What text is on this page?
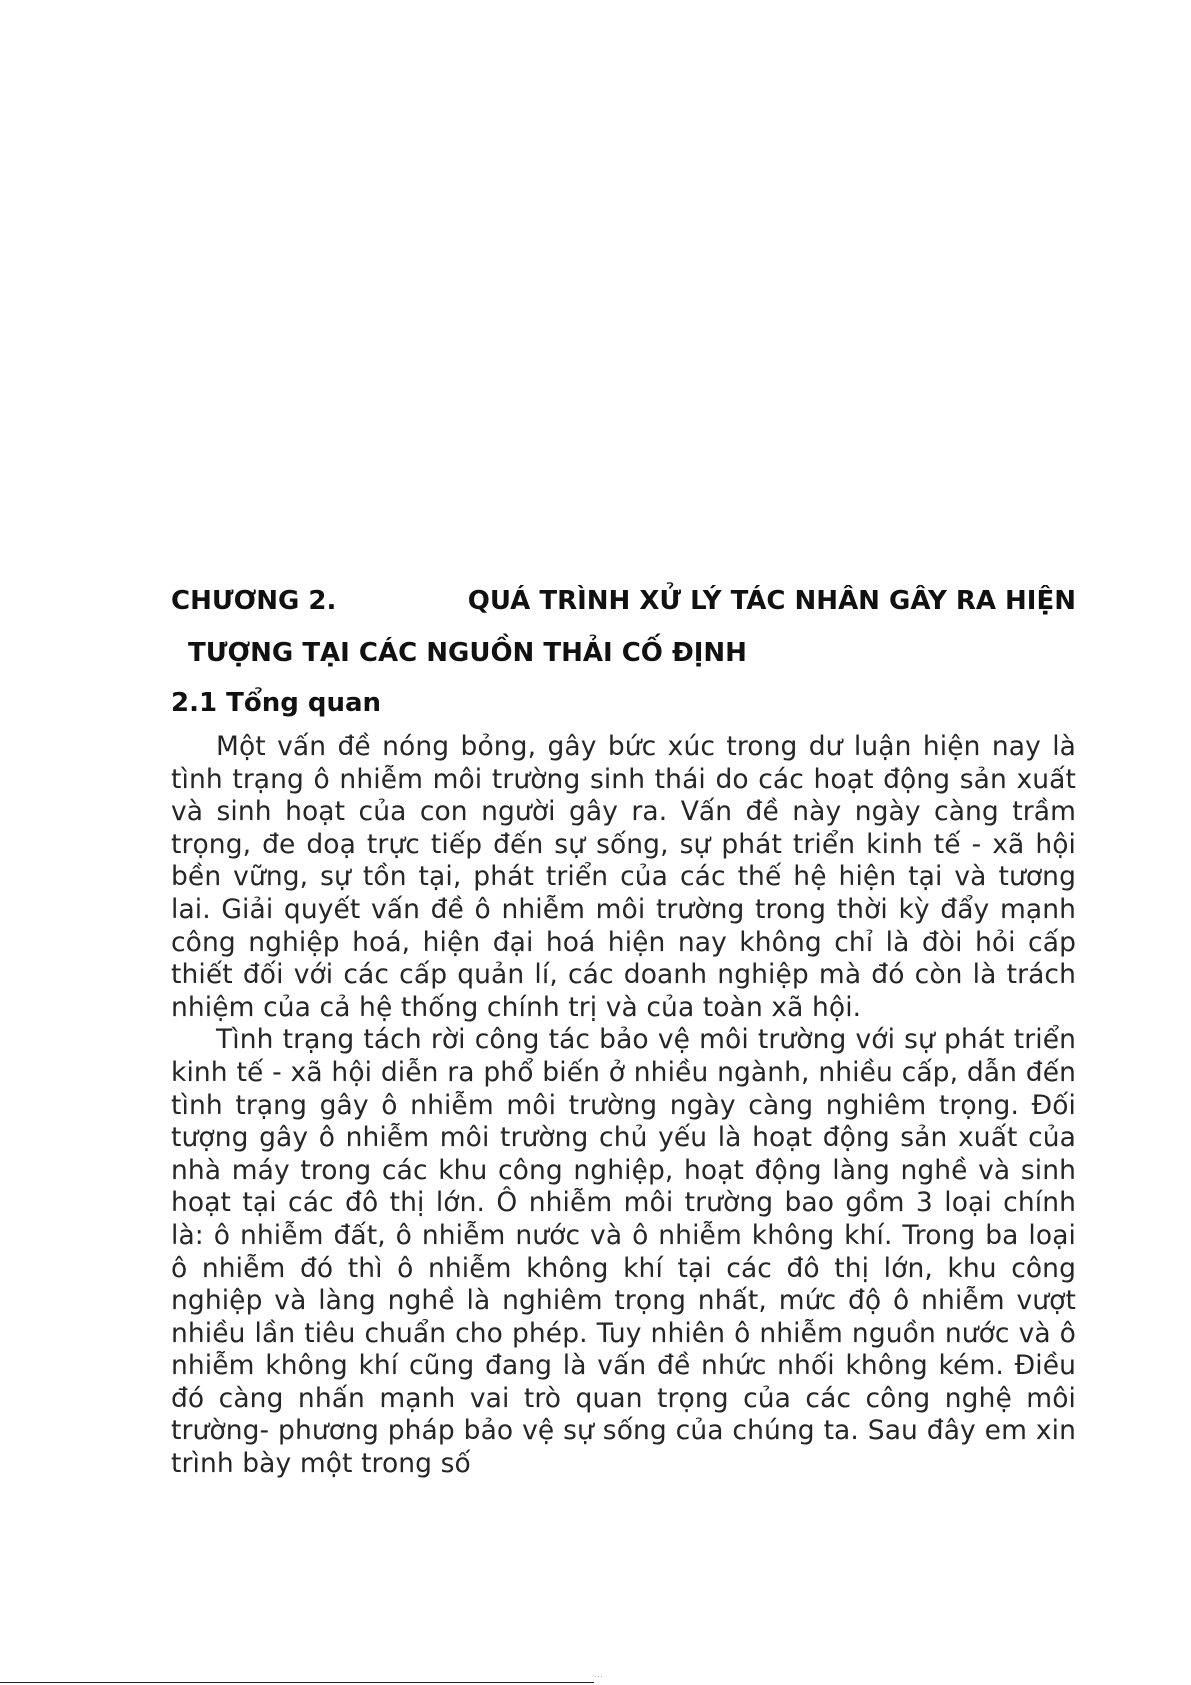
CHƯƠNG 2.	QUÁ TRÌNH XỬ LÝ TÁC NHÂN GÂY RA HIỆN
TƯỢNG TẠI CÁC NGUỒN THẢI CỐ ĐỊNH
2.1 Tổng quan

Một vấn đề nóng bỏng, gây bức xúc trong dư luận hiện nay là tình trạng ô nhiễm môi trường sinh thái do các hoạt động sản xuất và sinh hoạt của con người gây ra. Vấn đề này ngày càng trầm trọng, đe doạ trực tiếp đến sự sống, sự phát triển kinh tế - xã hội bền vững, sự tồn tại, phát triển của các thế hệ hiện tại và tương lai. Giải quyết vấn đề ô nhiễm môi trường trong thời kỳ đẩy mạnh công nghiệp hoá, hiện đại hoá hiện nay không chỉ là đòi hỏi cấp thiết đối với các cấp quản lí, các doanh nghiệp mà đó còn là trách nhiệm của cả hệ thống chính trị và của toàn xã hội.

Tình trạng tách rời công tác bảo vệ môi trường với sự phát triển kinh tế - xã hội diễn ra phổ biến ở nhiều ngành, nhiều cấp, dẫn đến tình trạng gây ô nhiễm môi trường ngày càng nghiêm trọng. Đối tượng gây ô nhiễm môi trường chủ yếu là hoạt động sản xuất của nhà máy trong các khu công nghiệp, hoạt động làng nghề và sinh hoạt tại các đô thị lớn. Ô nhiễm môi trường bao gồm 3 loại chính là: ô nhiễm đất, ô nhiễm nước và ô nhiễm không khí. Trong ba loại ô nhiễm đó thì ô nhiễm không khí tại các đô thị lớn, khu công nghiệp và làng nghề là nghiêm trọng nhất, mức độ ô nhiễm vượt nhiều lần tiêu chuẩn cho phép. Tuy nhiên ô nhiễm nguồn nước và ô nhiễm không khí cũng đang là vấn đề nhức nhối không kém. Điều đó càng nhấn mạnh vai trò quan trọng của các công nghệ môi trường- phương pháp bảo vệ sự sống của chúng ta. Sau đây em xin trình bày một trong số

···
